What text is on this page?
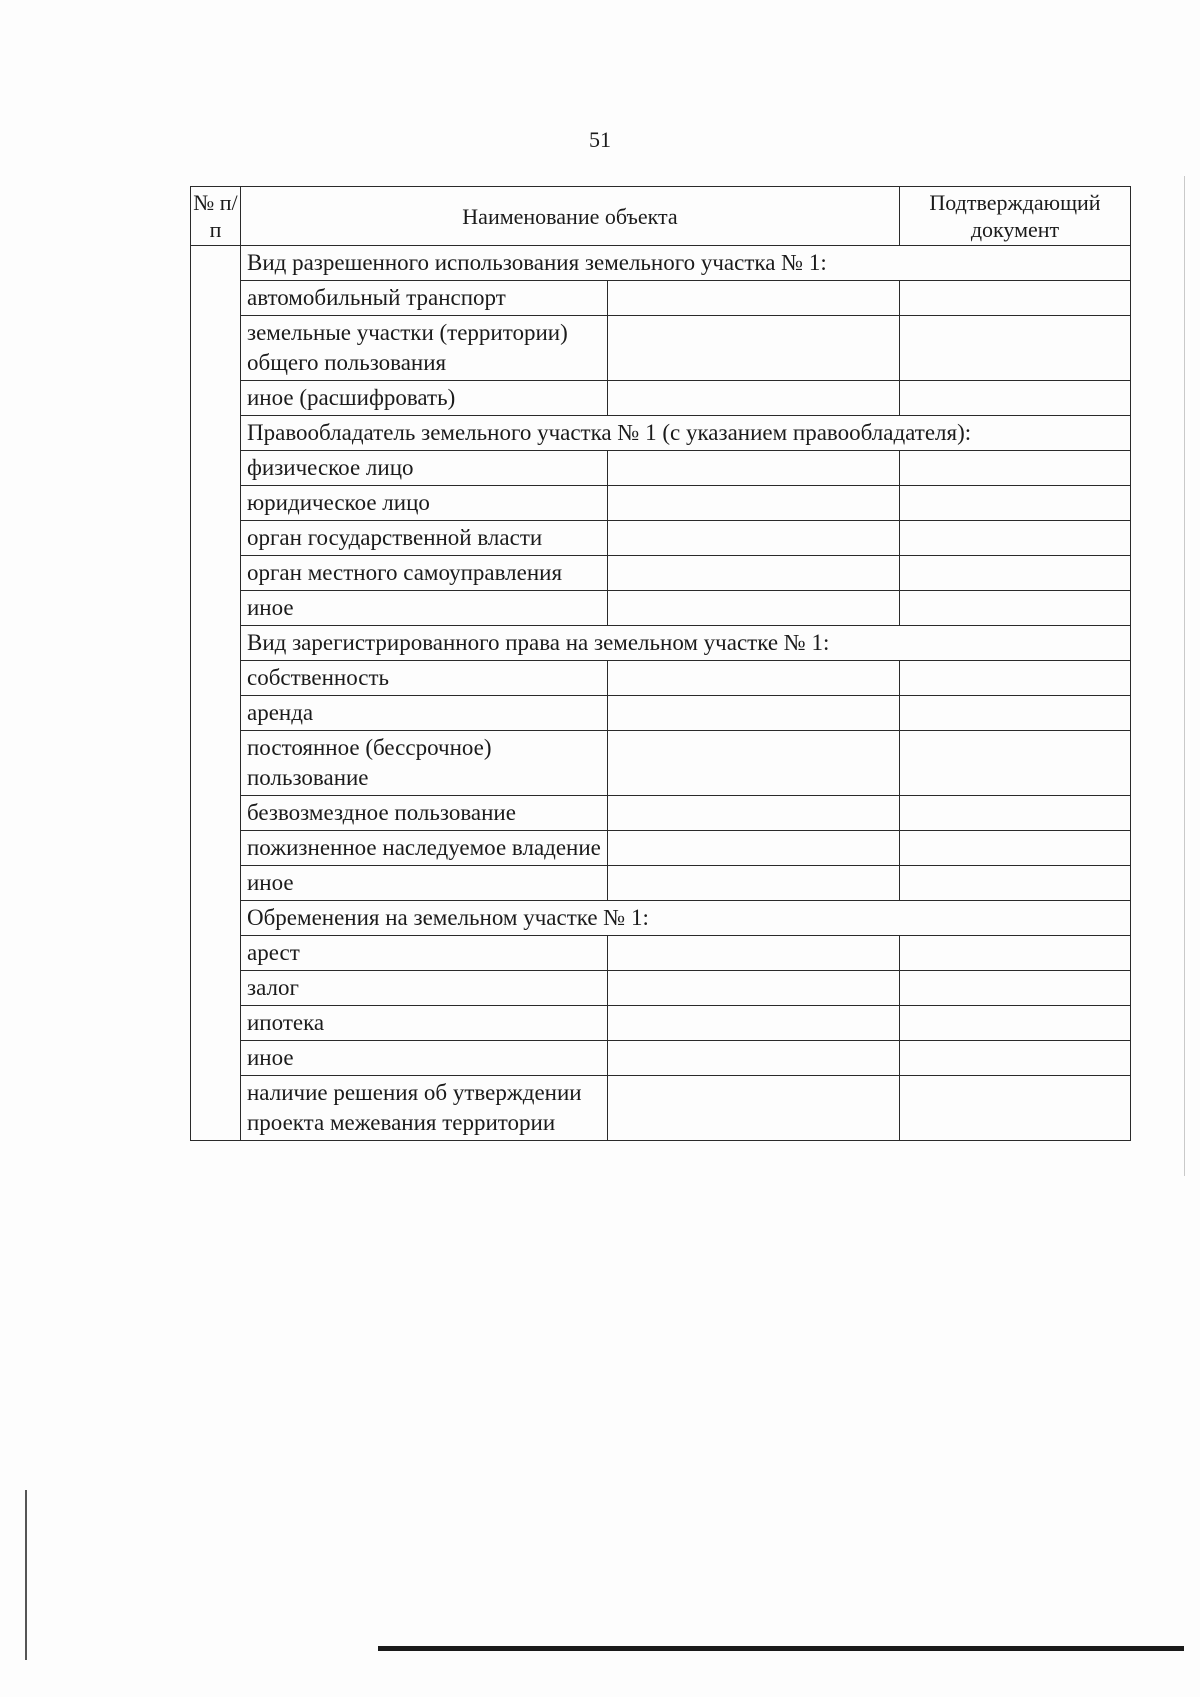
51
№ п/п	Наименование объекта		Подтверждающий документ
	Вид разрешенного использования земельного участка № 1:		
	автомобильный транспорт		
	земельные участки (территории) общего пользования		
	иное (расшифровать)		
	Правообладатель земельного участка № 1 (с указанием правообладателя):		
	физическое лицо		
	юридическое лицо		
	орган государственной власти		
	орган местного самоуправления		
	иное		
	Вид зарегистрированного права на земельном участке № 1:		
	собственность		
	аренда		
	постоянное (бессрочное) пользование		
	безвозмездное пользование		
	пожизненное наследуемое владение		
	иное		
	Обременения на земельном участке № 1:		
	арест		
	залог		
	ипотека		
	иное		
	наличие решения об утверждении проекта межевания территории		
